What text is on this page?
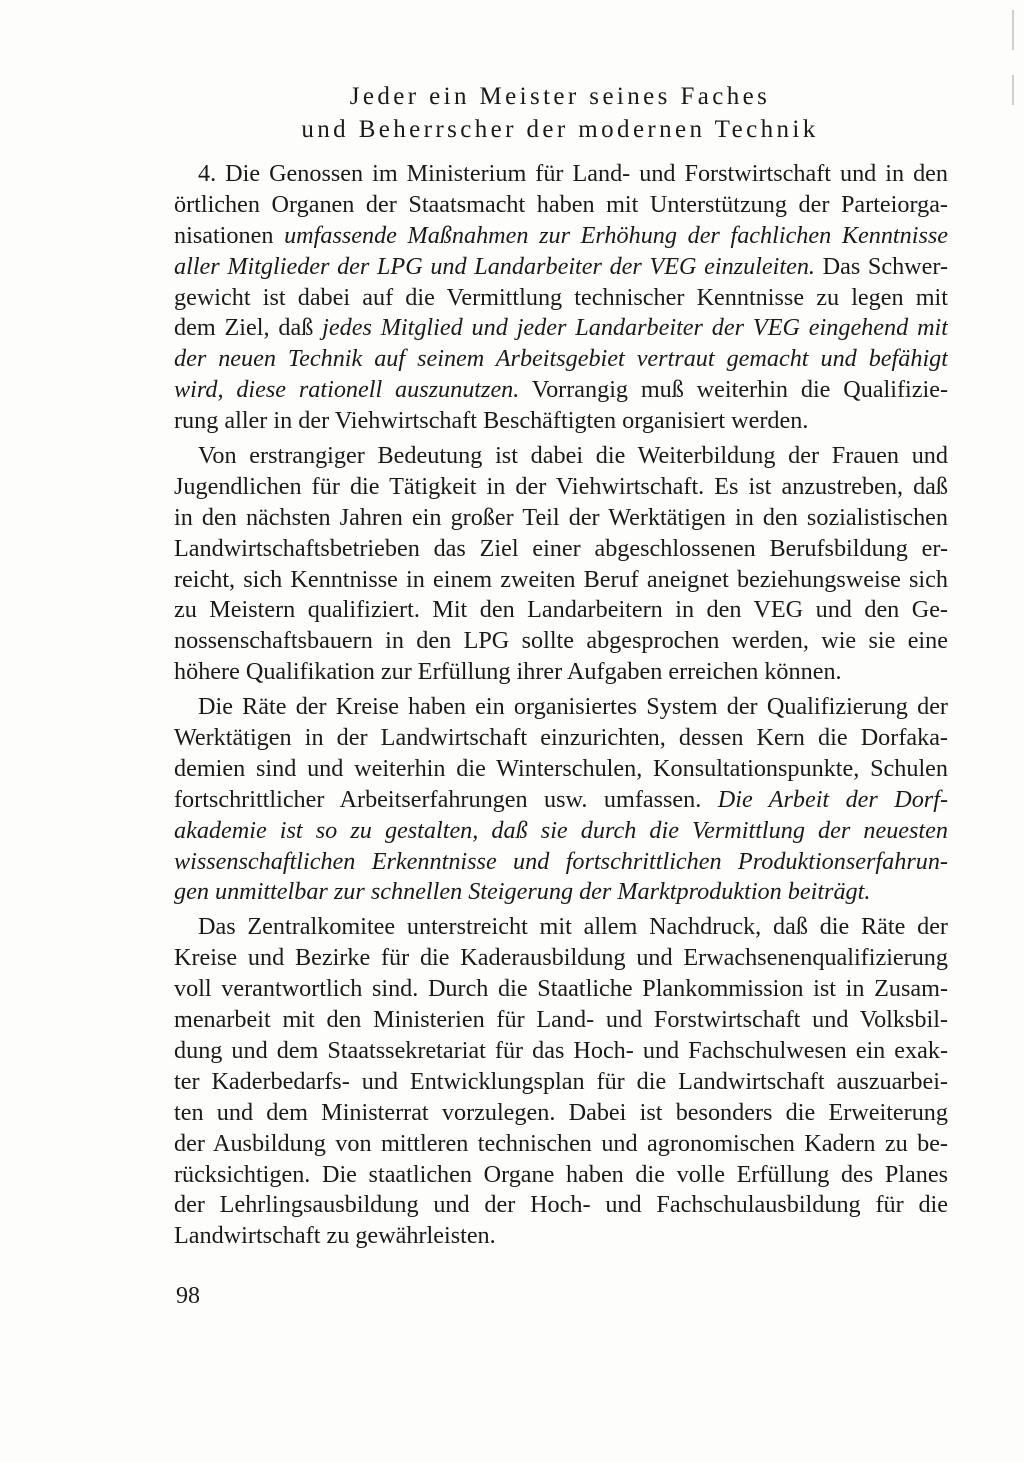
Jeder ein Meister seines Faches
und Beherrscher der modernen Technik
4. Die Genossen im Ministerium für Land- und Forstwirtschaft und in den
örtlichen Organen der Staatsmacht haben mit Unterstützung der Parteiorga-
nisationen umfassende Maßnahmen zur Erhöhung der fachlichen Kenntnisse
aller Mitglieder der LPG und Landarbeiter der VEG einzuleiten. Das Schwer-
gewicht ist dabei auf die Vermittlung technischer Kenntnisse zu legen mit
dem Ziel, daß jedes Mitglied und jeder Landarbeiter der VEG eingehend mit
der neuen Technik auf seinem Arbeitsgebiet vertraut gemacht und befähigt
wird, diese rationell auszunutzen. Vorrangig muß weiterhin die Qualifizie-
rung aller in der Viehwirtschaft Beschäftigten organisiert werden.
Von erstrangiger Bedeutung ist dabei die Weiterbildung der Frauen und
Jugendlichen für die Tätigkeit in der Viehwirtschaft. Es ist anzustreben, daß
in den nächsten Jahren ein großer Teil der Werktätigen in den sozialistischen
Landwirtschaftsbetrieben das Ziel einer abgeschlossenen Berufsbildung er-
reicht, sich Kenntnisse in einem zweiten Beruf aneignet beziehungsweise sich
zu Meistern qualifiziert. Mit den Landarbeitern in den VEG und den Ge-
nossenschaftsbauern in den LPG sollte abgesprochen werden, wie sie eine
höhere Qualifikation zur Erfüllung ihrer Aufgaben erreichen können.
Die Räte der Kreise haben ein organisiertes System der Qualifizierung der
Werktätigen in der Landwirtschaft einzurichten, dessen Kern die Dorfaka-
demien sind und weiterhin die Winterschulen, Konsultationspunkte, Schulen
fortschrittlicher Arbeitserfahrungen usw. umfassen. Die Arbeit der Dorf-
akademie ist so zu gestalten, daß sie durch die Vermittlung der neuesten
wissenschaftlichen Erkenntnisse und fortschrittlichen Produktionserfahrun-
gen unmittelbar zur schnellen Steigerung der Marktproduktion beiträgt.
Das Zentralkomitee unterstreicht mit allem Nachdruck, daß die Räte der
Kreise und Bezirke für die Kaderausbildung und Erwachsenenqualifizierung
voll verantwortlich sind. Durch die Staatliche Plankommission ist in Zusam-
menarbeit mit den Ministerien für Land- und Forstwirtschaft und Volksbil-
dung und dem Staatssekretariat für das Hoch- und Fachschulwesen ein exak-
ter Kaderbedarfs- und Entwicklungsplan für die Landwirtschaft auszuarbei-
ten und dem Ministerrat vorzulegen. Dabei ist besonders die Erweiterung
der Ausbildung von mittleren technischen und agronomischen Kadern zu be-
rücksichtigen. Die staatlichen Organe haben die volle Erfüllung des Planes
der Lehrlingsausbildung und der Hoch- und Fachschulausbildung für die
Landwirtschaft zu gewährleisten.
98
